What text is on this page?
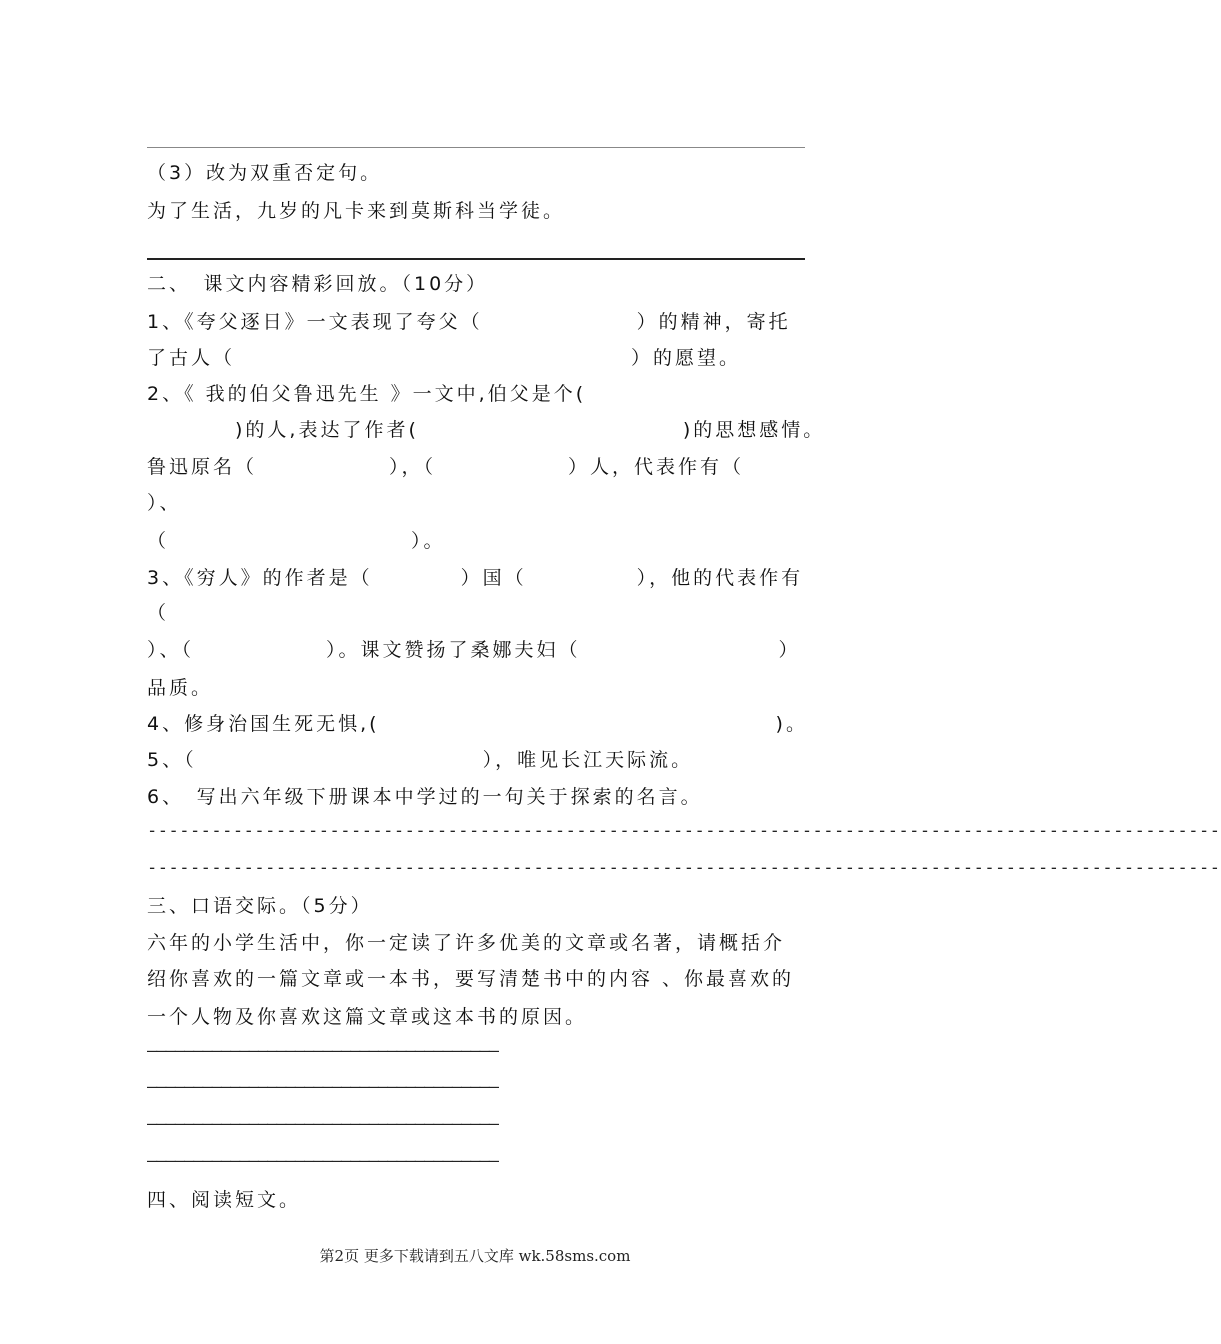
（3）改为双重否定句。
为了生活，九岁的凡卡来到莫斯科当学徒。
二、　课文内容精彩回放。（10分）
1、《夸父逐日》一文表现了夸父（　　　　　　　）的精神，寄托
了古人（　　　　　　　　　　　　　　　　　　）的愿望。
2、《 我的伯父鲁迅先生 》一文中,伯父是个(
　　　　)的人,表达了作者(　　　　　　　　　　　　)的思想感情。
鲁迅原名（　　　　　　），（　　　　　　）人，代表作有（
）、
（　　　　　　　　　　　）。
3、《穷人》的作者是（　　　　）国（　　　　　），他的代表作有
（
）、（　　　　　　）。课文赞扬了桑娜夫妇（　　　　　　　　　）
品质。
4、修身治国生死无惧,(　　　　　　　　　　　　　　　　　　)。
5、（　　　　　　　　　　　　　），唯见长江天际流。
6、　写出六年级下册课本中学过的一句关于探索的名言。
----------------------------------------------------------------------------------------------------
----------------------------------------------------------------------------------------------------
三、口语交际。（5分）
六年的小学生活中，你一定读了许多优美的文章或名著，请概括介
绍你喜欢的一篇文章或一本书，要写清楚书中的内容 、你最喜欢的
一个人物及你喜欢这篇文章或这本书的原因。
——————————————————————————————————————
——————————————————————————————————————
——————————————————————————————————————
——————————————————————————————————————
四、阅读短文。
第2页 更多下载请到五八文库 wk.58sms.com
